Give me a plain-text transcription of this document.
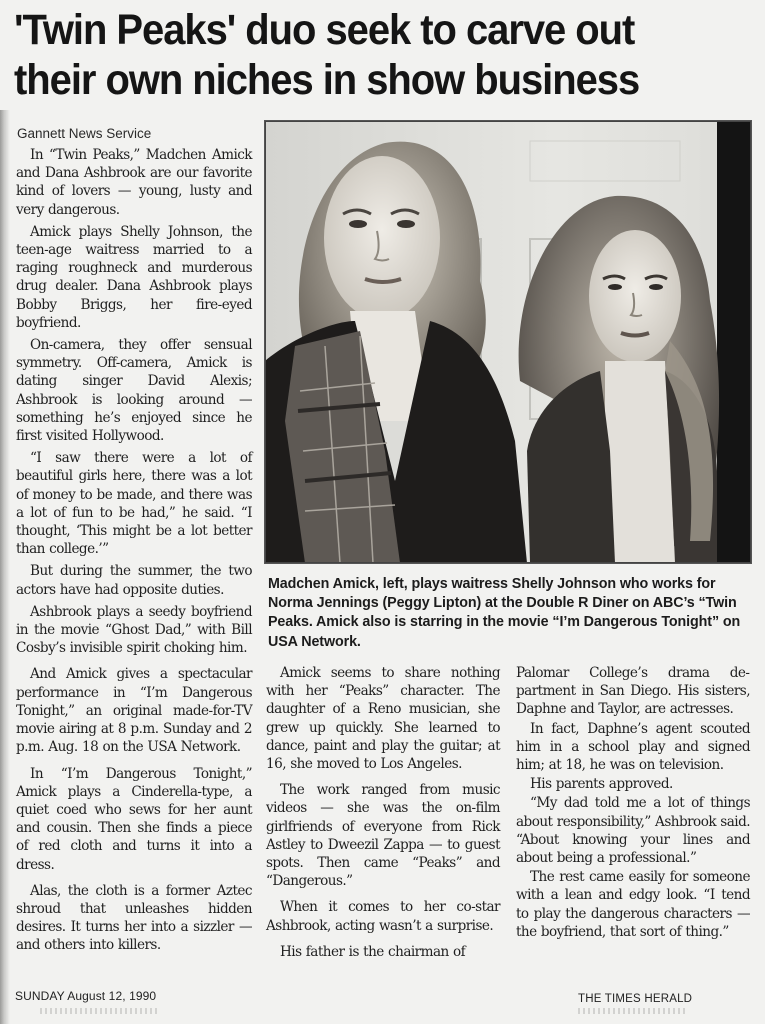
'Twin Peaks' duo seek to carve out their own niches in show business
Gannett News Service

In “Twin Peaks,” Madchen Amick and Dana Ashbrook are our favorite kind of lovers — young, lusty and very dangerous.

Amick plays Shelly Johnson, the teen-age waitress married to a raging roughneck and murderous drug dealer. Dana Ashbrook plays Bobby Briggs, her fire-eyed boyfriend.

On-camera, they offer sensual symmetry. Off-camera, Amick is dating singer David Alexis; Ashbrook is looking around — something he’s enjoyed since he first visited Hollywood.

“I saw there were a lot of beautiful girls here, there was a lot of money to be made, and there was a lot of fun to be had,” he said. “I thought, ‘This might be a lot better than college.’”

But during the summer, the two actors have had opposite duties.

Ashbrook plays a seedy boyfriend in the movie “Ghost Dad,” with Bill Cosby’s invisible spirit choking him.

And Amick gives a spectacular performance in “I’m Dangerous Tonight,” an original made-for-TV movie airing at 8 p.m. Sunday and 2 p.m. Aug. 18 on the USA Network.

In “I’m Dangerous Tonight,” Amick plays a Cinderella-type, a quiet coed who sews for her aunt and cousin. Then she finds a piece of red cloth and turns it into a dress.

Alas, the cloth is a former Aztec shroud that unleashes hidden desires. It turns her into a sizzler — and others into killers.

Madchen Amick, left, plays waitress Shelly Johnson who works for Norma Jennings (Peggy Lipton) at the Double R Diner on ABC’s “Twin Peaks. Amick also is starring in the movie “I’m Dangerous Tonight” on USA Network.

Amick seems to share nothing with her “Peaks” character. The daughter of a Reno musician, she grew up quickly. She learned to dance, paint and play the guitar; at 16, she moved to Los Angeles.

The work ranged from music videos — she was the on-film girlfriends of everyone from Rick Astley to Dweezil Zappa — to guest spots. Then came “Peaks” and “Dangerous.”

When it comes to her co-star Ashbrook, acting wasn’t a surprise.

His father is the chairman of

Palomar College’s drama department in San Diego. His sisters, Daphne and Taylor, are actresses.

In fact, Daphne’s agent scouted him in a school play and signed him; at 18, he was on television.

His parents approved.

“My dad told me a lot of things about responsibility,” Ashbrook said. “About knowing your lines and about being a professional.”

The rest came easily for someone with a lean and edgy look. “I tend to play the dangerous characters — the boyfriend, that sort of thing.”

SUNDAY August 12, 1990	THE TIMES HERALD
